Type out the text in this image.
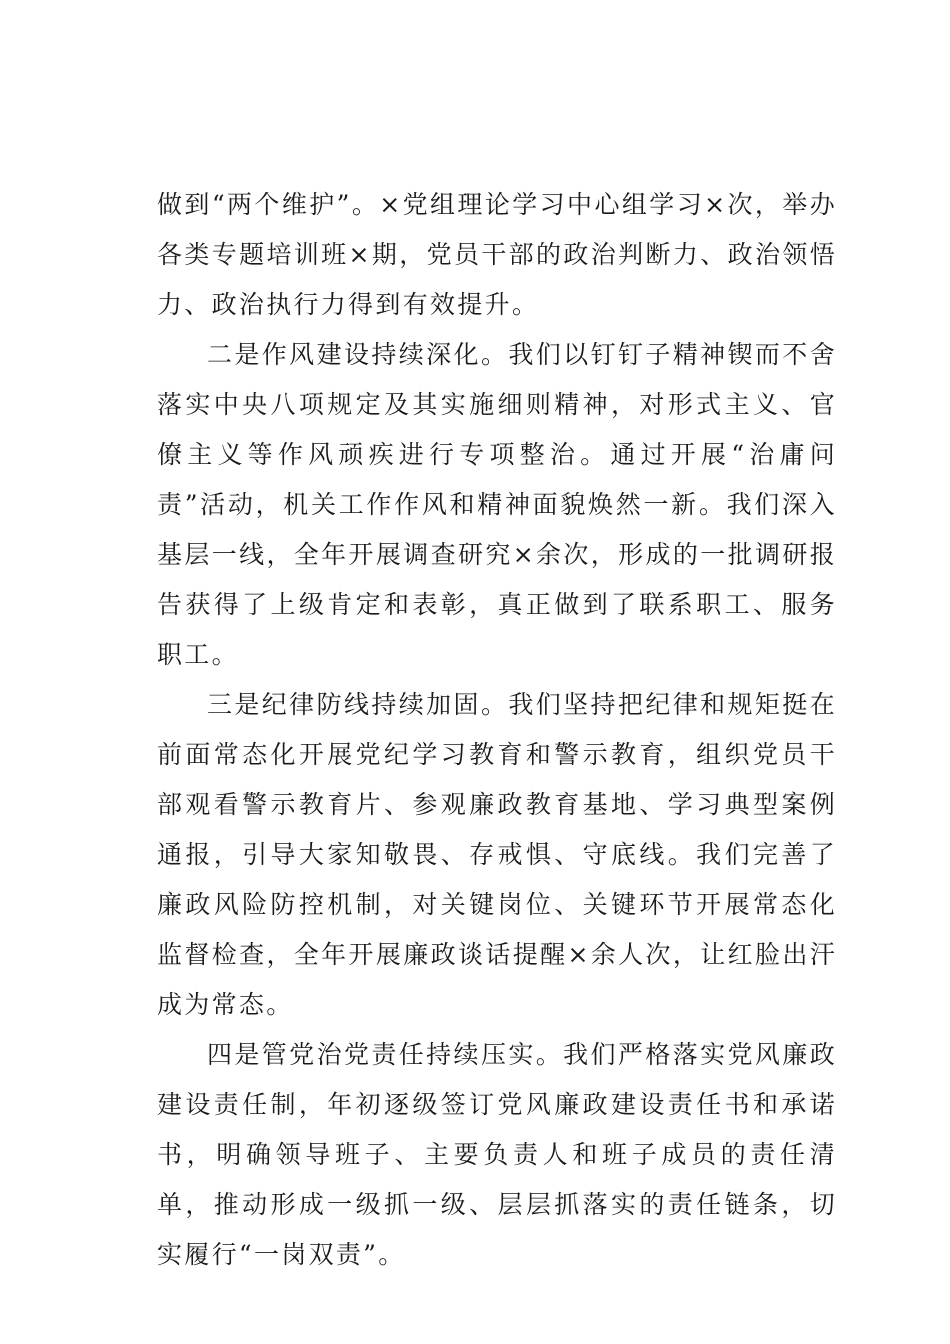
做到“两个维护”。×党组理论学习中心组学习×次，举办各类专题培训班×期，党员干部的政治判断力、政治领悟力、政治执行力得到有效提升。

二是作风建设持续深化。我们以钉钉子精神锲而不舍落实中央八项规定及其实施细则精神，对形式主义、官僚主义等作风顽疾进行专项整治。通过开展“治庸问责”活动，机关工作作风和精神面貌焕然一新。我们深入基层一线，全年开展调查研究×余次，形成的一批调研报告获得了上级肯定和表彰，真正做到了联系职工、服务职工。

三是纪律防线持续加固。我们坚持把纪律和规矩挺在前面常态化开展党纪学习教育和警示教育，组织党员干部观看警示教育片、参观廉政教育基地、学习典型案例通报，引导大家知敬畏、存戒惧、守底线。我们完善了廉政风险防控机制，对关键岗位、关键环节开展常态化监督检查，全年开展廉政谈话提醒×余人次，让红脸出汗成为常态。

四是管党治党责任持续压实。我们严格落实党风廉政建设责任制，年初逐级签订党风廉政建设责任书和承诺书，明确领导班子、主要负责人和班子成员的责任清单，推动形成一级抓一级、层层抓落实的责任链条，切实履行“一岗双责”。
